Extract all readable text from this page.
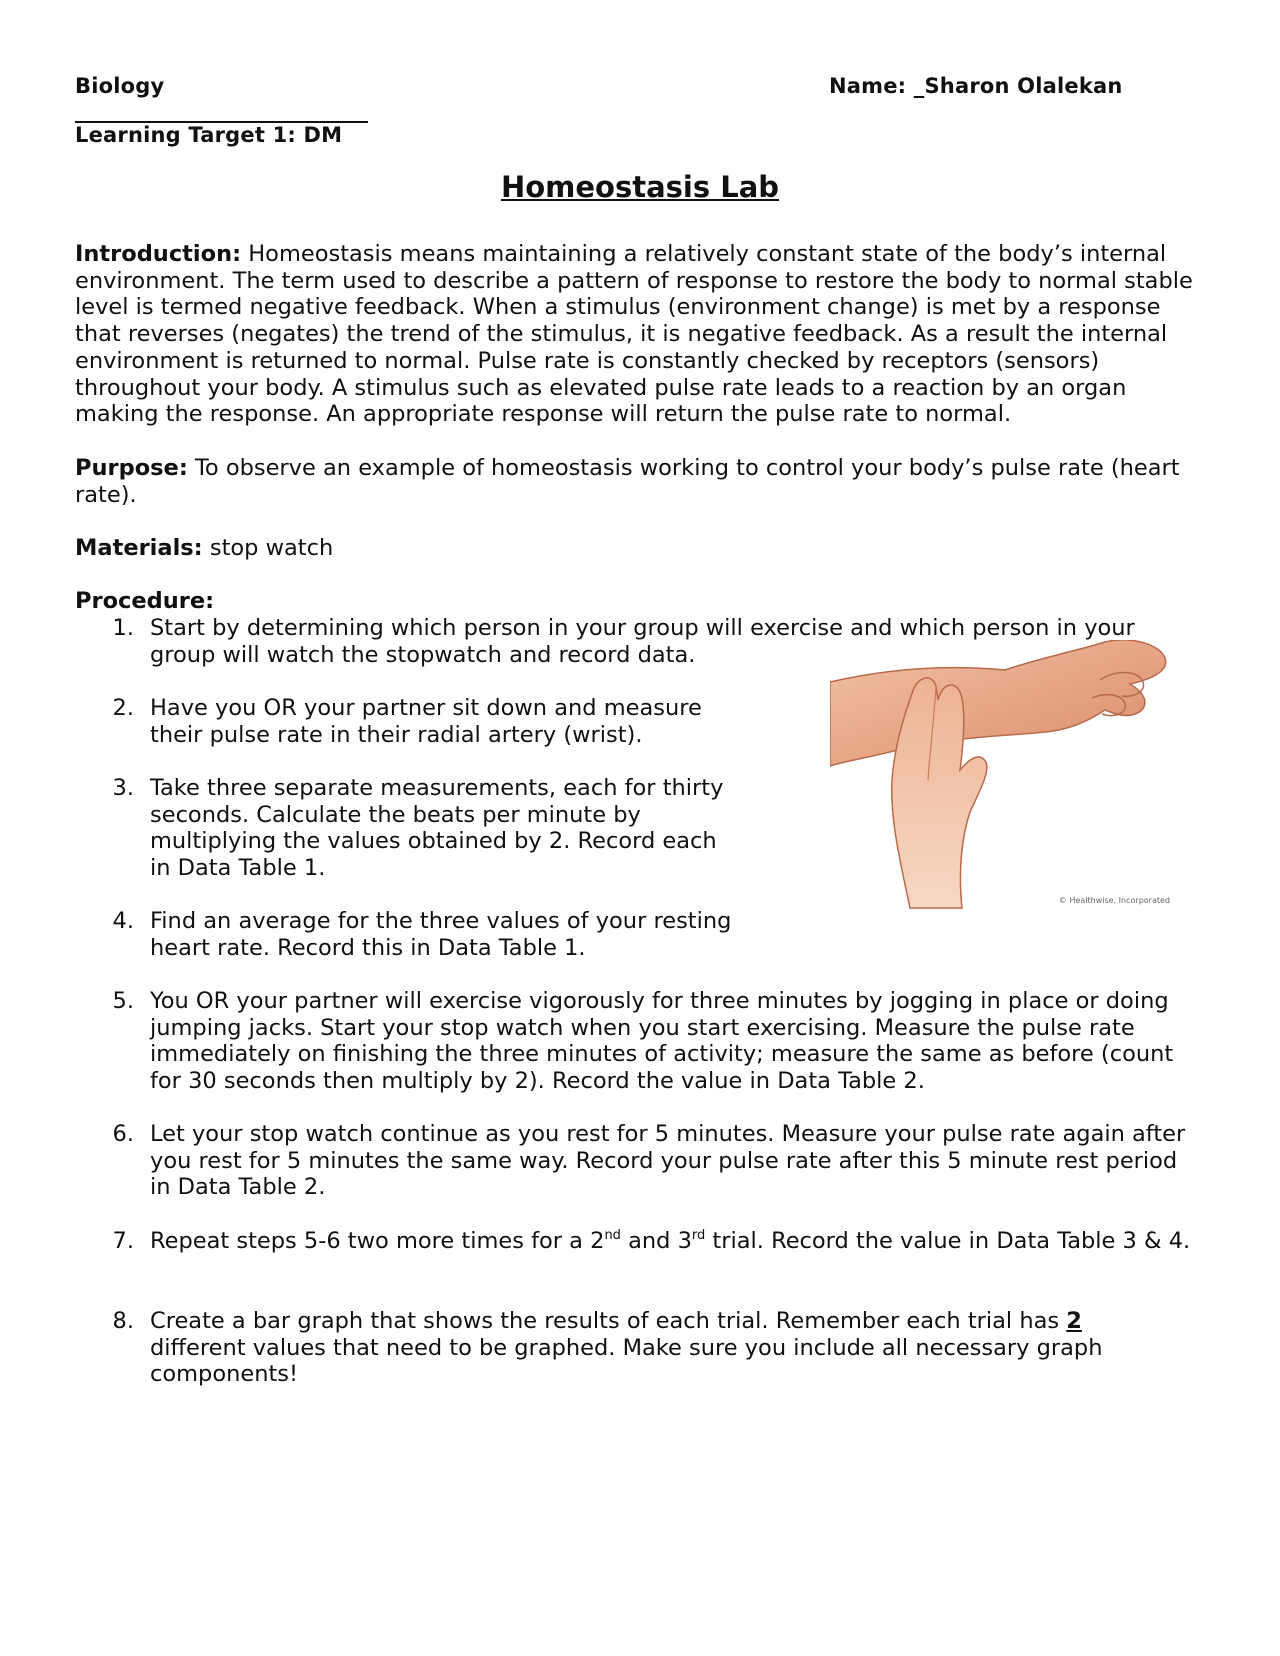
Biology	Name: _Sharon Olalekan
Learning Target 1: DM
Homeostasis Lab
Introduction: Homeostasis means maintaining a relatively constant state of the body’s internal environment. The term used to describe a pattern of response to restore the body to normal stable level is termed negative feedback. When a stimulus (environment change) is met by a response that reverses (negates) the trend of the stimulus, it is negative feedback. As a result the internal environment is returned to normal. Pulse rate is constantly checked by receptors (sensors) throughout your body. A stimulus such as elevated pulse rate leads to a reaction by an organ making the response. An appropriate response will return the pulse rate to normal.
Purpose: To observe an example of homeostasis working to control your body’s pulse rate (heart rate).
Materials: stop watch
Procedure:
1. Start by determining which person in your group will exercise and which person in your group will watch the stopwatch and record data.
2. Have you OR your partner sit down and measure their pulse rate in their radial artery (wrist).
3. Take three separate measurements, each for thirty seconds. Calculate the beats per minute by multiplying the values obtained by 2. Record each in Data Table 1.
4. Find an average for the three values of your resting heart rate. Record this in Data Table 1.
5. You OR your partner will exercise vigorously for three minutes by jogging in place or doing jumping jacks. Start your stop watch when you start exercising. Measure the pulse rate immediately on finishing the three minutes of activity; measure the same as before (count for 30 seconds then multiply by 2). Record the value in Data Table 2.
6. Let your stop watch continue as you rest for 5 minutes. Measure your pulse rate again after you rest for 5 minutes the same way. Record your pulse rate after this 5 minute rest period in Data Table 2.
7. Repeat steps 5-6 two more times for a 2nd and 3rd trial. Record the value in Data Table 3 & 4.
8. Create a bar graph that shows the results of each trial. Remember each trial has 2 different values that need to be graphed. Make sure you include all necessary graph components!
© Healthwise, Incorporated
